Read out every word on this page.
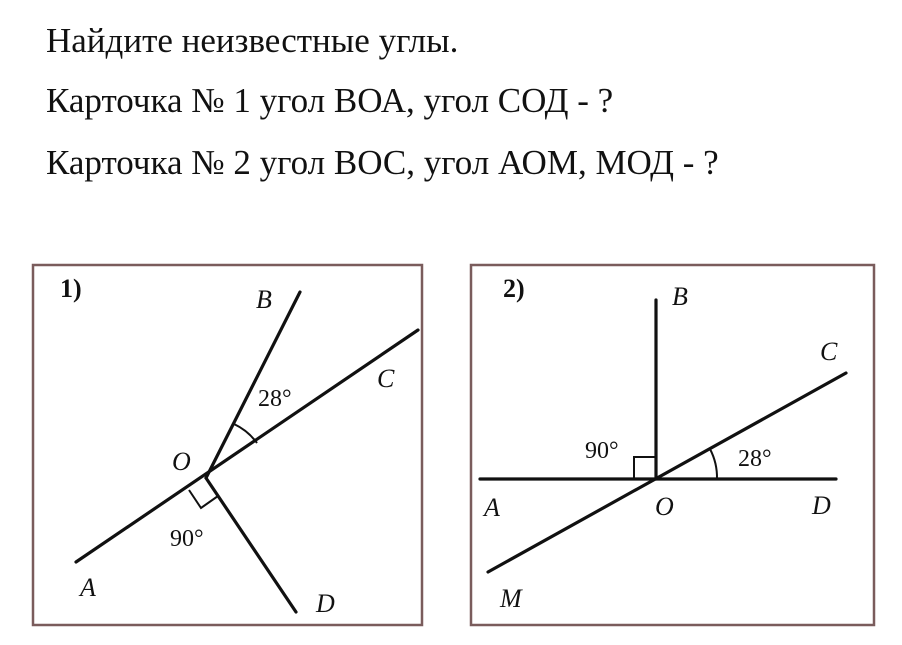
Найдите неизвестные углы.
Карточка № 1 угол ВОА, угол СОД - ?
Карточка № 2 угол ВОС, угол АОМ, МОД - ?
1)	B
C
O
A
D
28°
90°
2)	B
C
O
A	D
M
90°	28°
